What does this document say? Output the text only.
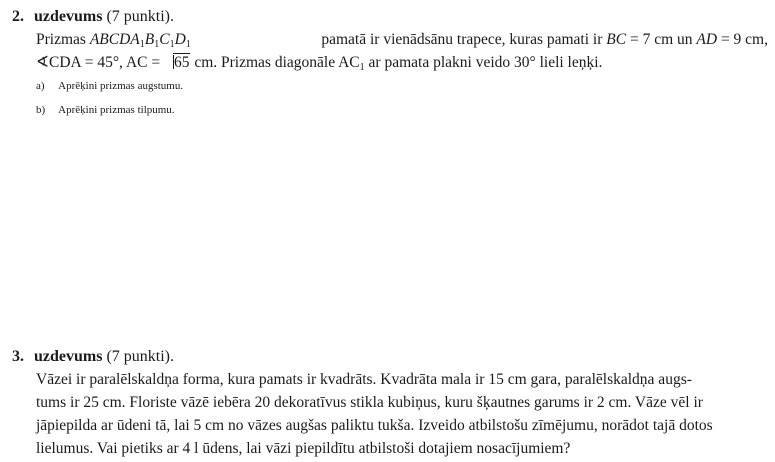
2. uzdevums (7 punkti).
Prizmas $ABCDA_1B_1C_1D_1$	pamatā ir vienādsānu trapece, kuras pamati ir BC = 7 cm un AD = 9 cm,
∢CDA = 45°, AC = 65 cm. Prizmas diagonāle $AC_1$ ar pamata plakni veido 30° lieli leņķi.
a) Aprēķini prizmas augstumu.
b) Aprēķini prizmas tilpumu.
3. uzdevums (7 punkti).
Vāzei ir paralēlskaldņa forma, kura pamats ir kvadrāts. Kvadrāta mala ir 15 cm gara, paralēlskaldņa augs-
tums ir 25 cm. Floriste vāzē iebēra 20 dekoratīvus stikla kubiņus, kuru šķautnes garums ir 2 cm. Vāze vēl ir
jāpiepilda ar ūdeni tā, lai 5 cm no vāzes augšas paliktu tukša. Izveido atbilstošu zīmējumu, norādot tajā dotos
lielumus. Vai pietiks ar 4 l ūdens, lai vāzi piepildītu atbilstoši dotajiem nosacījumiem?
